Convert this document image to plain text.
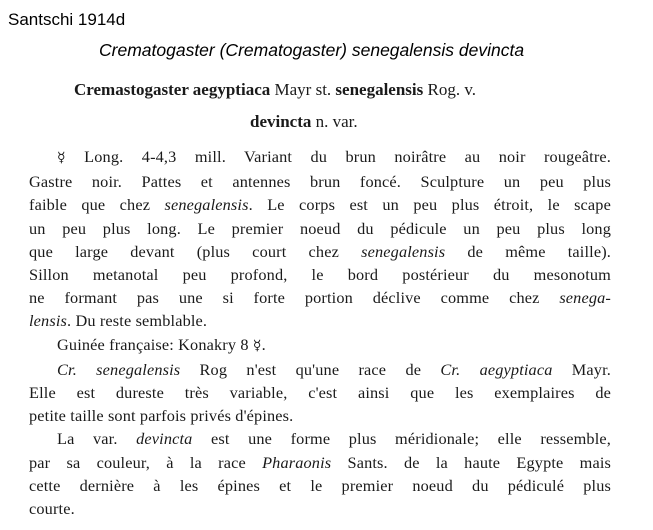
Santschi 1914d
Crematogaster (Crematogaster) senegalensis devincta
Cremastogaster aegyptiaca Mayr st. senegalensis Rog. v.
devincta n. var.
☿ Long. 4-4,3 mill. Variant du brun noirâtre au noir rougeâtre.
Gastre noir. Pattes et antennes brun foncé. Sculpture un peu plus
faible que chez senegalensis. Le corps est un peu plus étroit, le scape
un peu plus long. Le premier noeud du pédicule un peu plus long
que large devant (plus court chez senegalensis de même taille).
Sillon metanotal peu profond, le bord postérieur du mesonotum
ne formant pas une si forte portion déclive comme chez senega-
lensis. Du reste semblable.
Guinée française: Konakry 8 ☿.
Cr. senegalensis Rog n'est qu'une race de Cr. aegyptiaca Mayr.
Elle est dureste très variable, c'est ainsi que les exemplaires de
petite taille sont parfois privés d'épines.
La var. devincta est une forme plus méridionale; elle ressemble,
par sa couleur, à la race Pharaonis Sants. de la haute Egypte mais
cette dernière à les épines et le premier noeud du pédiculé plus
courte.
